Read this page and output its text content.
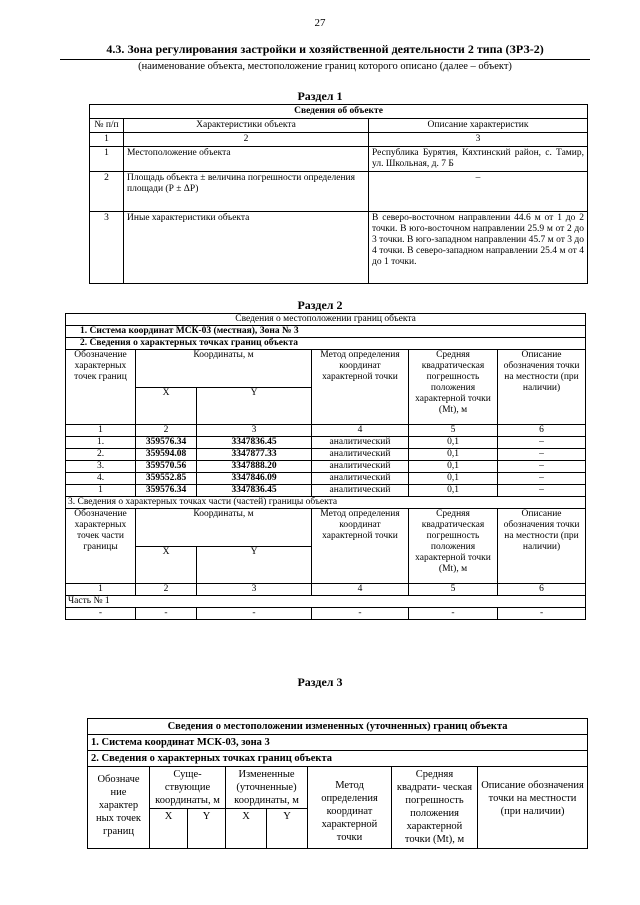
27
4.3. Зона регулирования застройки и хозяйственной деятельности 2 типа (ЗРЗ-2)
(наименование объекта, местоположение границ которого описано (далее – объект)
Раздел 1
Сведения об объекте		
№ п/п	Характеристики объекта	Описание характеристик
1	2	3
1	Местоположение объекта	Республика Бурятия, Кяхтинский район, с. Тамир, ул. Школьная, д. 7 Б
2	Площадь объекта ± величина погрешности определения площади (Р ± ΔР)	–
3	Иные характеристики объекта	В северо-восточном направлении 44.6 м от 1 до 2 точки. В юго-восточном направлении 25.9 м от 2 до 3 точки. В юго-западном направлении 45.7 м от 3 до 4 точки. В северо-западном направлении 25.4 м от 4 до 1 точки.
Раздел 2
Сведения о местоположении границ объекта					
1. Система координат МСК-03 (местная), Зона № 3					
2. Сведения о характерных точках границ объекта					
Обозначение характерных точек границ	Координаты, м		Метод определения координат характерной точки	Средняя квадратическая погрешность положения характерной точки (Mt), м	Описание обозначения точки на местности (при наличии)
	X	Y			
1	2	3	4	5	6
1.	359576.34	3347836.45	аналитический	0,1	–
2.	359594.08	3347877.33	аналитический	0,1	–
3.	359570.56	3347888.20	аналитический	0,1	–
4.	359552.85	3347846.09	аналитический	0,1	–
1	359576.34	3347836.45	аналитический	0,1	–
3. Сведения о характерных точках части (частей) границы объекта					
Обозначение характерных точек части границы	Координаты, м		Метод определения координат характерной точки	Средняя квадратическая погрешность положения характерной точки (Mt), м	Описание обозначения точки на местности (при наличии)
	X	Y			
1	2	3	4	5	6
Часть № 1					
-	-	-	-	-	-
Раздел 3
Сведения о местоположении измененных (уточненных) границ объекта							
1. Система координат МСК-03, зона 3							
2. Сведения о характерных точках границ объекта							
Обозначе ние характер ных точек границ	Суще- ствующие координаты, м		Измененные (уточненные) координаты, м		Метод определения координат характерной точки	Средняя квадрати- ческая погрешность положения характерной точки (Mt), м	Описание обозначения точки на местности (при наличии)
	X	Y	X	Y			
